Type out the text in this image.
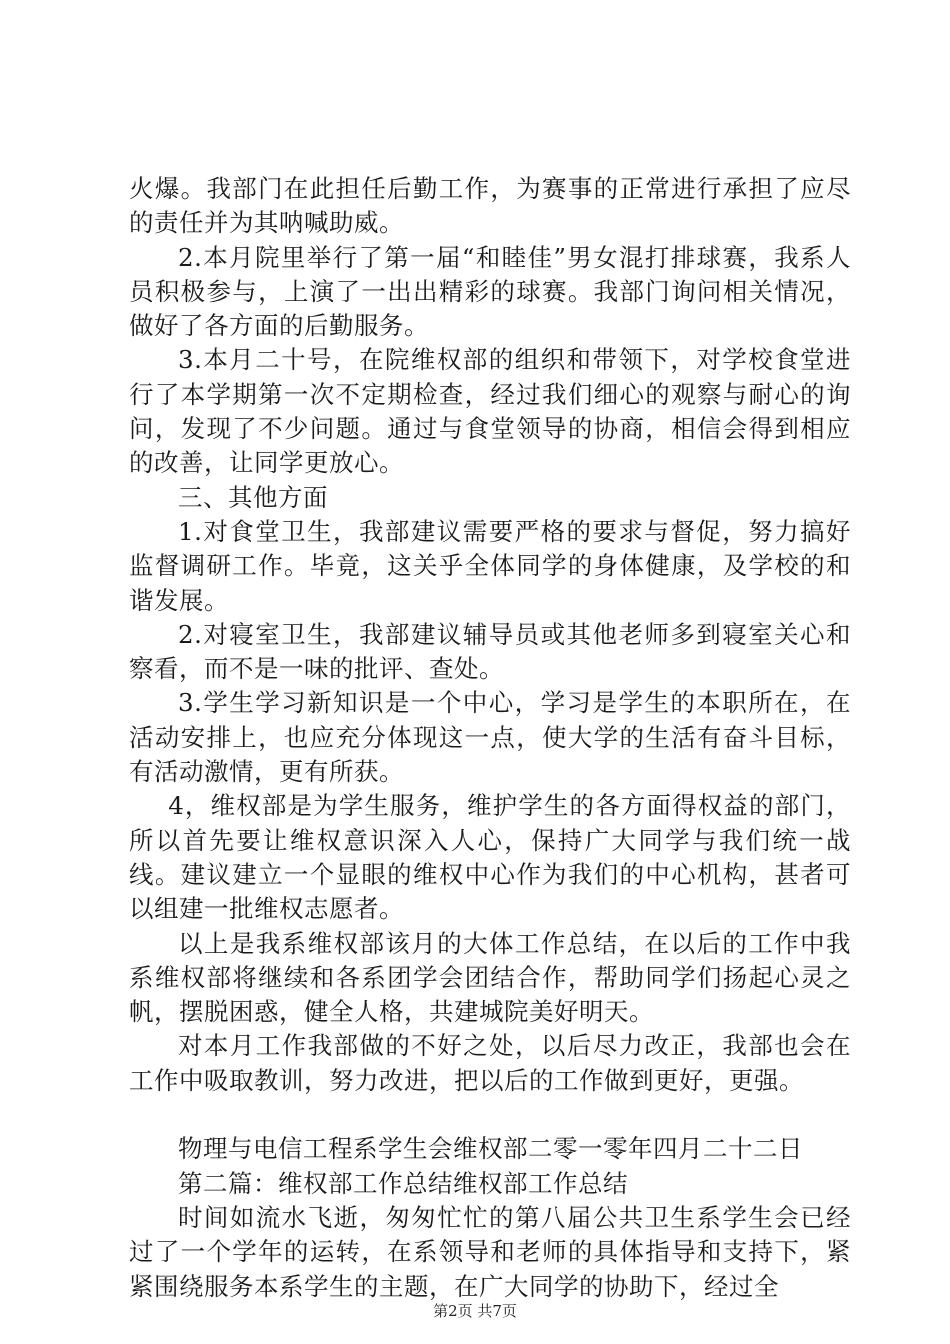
火爆。我部门在此担任后勤工作，为赛事的正常进行承担了应尽的责任并为其呐喊助威。

2.本月院里举行了第一届“和睦佳”男女混打排球赛，我系人员积极参与，上演了一出出精彩的球赛。我部门询问相关情况，做好了各方面的后勤服务。

3.本月二十号，在院维权部的组织和带领下，对学校食堂进行了本学期第一次不定期检查，经过我们细心的观察与耐心的询问，发现了不少问题。通过与食堂领导的协商，相信会得到相应的改善，让同学更放心。

三、其他方面

1.对食堂卫生，我部建议需要严格的要求与督促，努力搞好监督调研工作。毕竟，这关乎全体同学的身体健康，及学校的和谐发展。

2.对寝室卫生，我部建议辅导员或其他老师多到寝室关心和察看，而不是一味的批评、查处。

3.学生学习新知识是一个中心，学习是学生的本职所在，在活动安排上，也应充分体现这一点，使大学的生活有奋斗目标，有活动激情，更有所获。

4，维权部是为学生服务，维护学生的各方面得权益的部门，所以首先要让维权意识深入人心，保持广大同学与我们统一战线。建议建立一个显眼的维权中心作为我们的中心机构，甚者可以组建一批维权志愿者。

以上是我系维权部该月的大体工作总结，在以后的工作中我系维权部将继续和各系团学会团结合作，帮助同学们扬起心灵之帆，摆脱困惑，健全人格，共建城院美好明天。

对本月工作我部做的不好之处，以后尽力改正，我部也会在工作中吸取教训，努力改进，把以后的工作做到更好，更强。

物理与电信工程系学生会维权部二零一零年四月二十二日

第二篇：维权部工作总结维权部工作总结

时间如流水飞逝，匆匆忙忙的第八届公共卫生系学生会已经过了一个学年的运转，在系领导和老师的具体指导和支持下，紧紧围绕服务本系学生的主题，在广大同学的协助下，经过全

第2页 共7页
